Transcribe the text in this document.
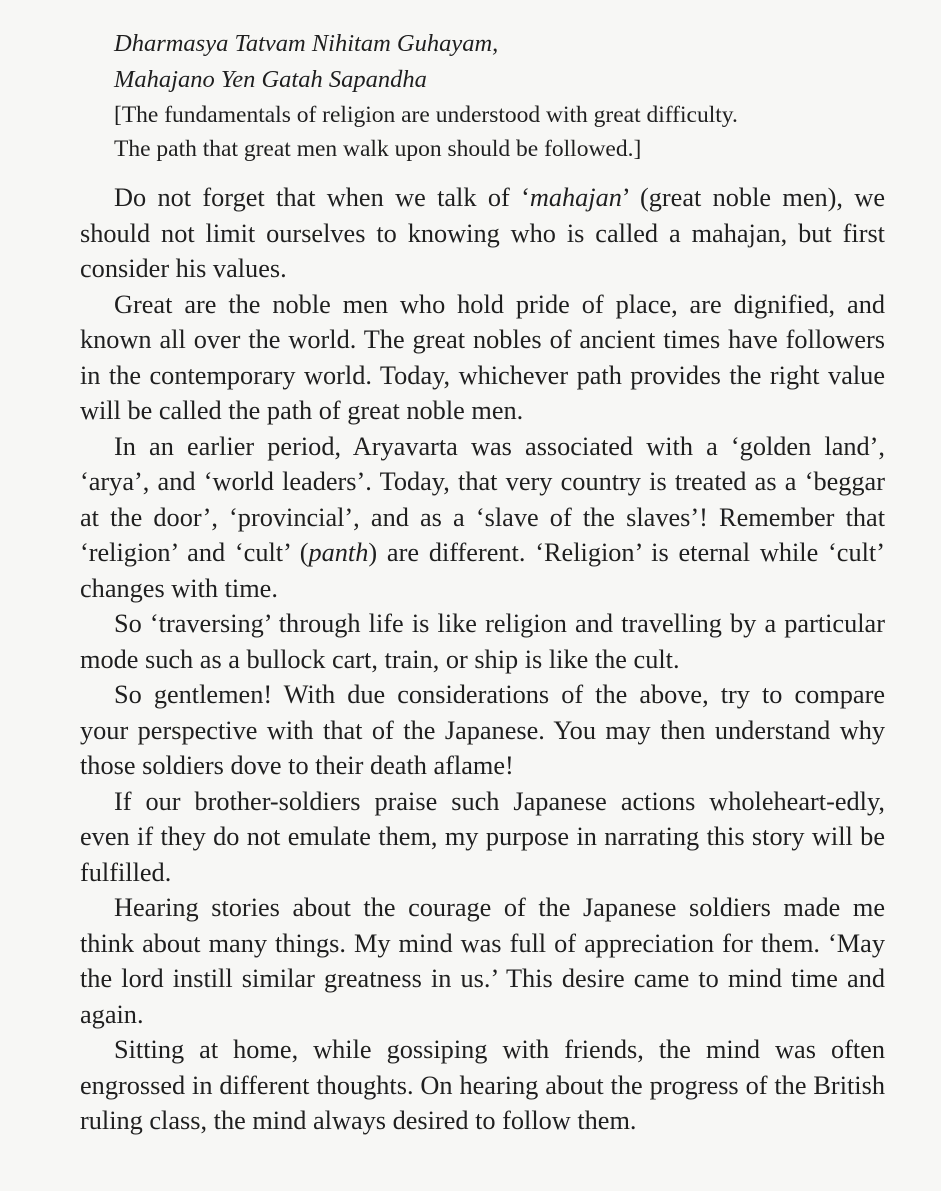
Dharmasya Tatvam Nihitam Guhayam,
Mahajano Yen Gatah Sapandha
[The fundamentals of religion are understood with great difficulty.
The path that great men walk upon should be followed.]

Do not forget that when we talk of ‘mahajan’ (great noble men), we should not limit ourselves to knowing who is called a mahajan, but first consider his values.

Great are the noble men who hold pride of place, are dignified, and known all over the world. The great nobles of ancient times have followers in the contemporary world. Today, whichever path provides the right value will be called the path of great noble men.

In an earlier period, Aryavarta was associated with a ‘golden land’, ‘arya’, and ‘world leaders’. Today, that very country is treated as a ‘beggar at the door’, ‘provincial’, and as a ‘slave of the slaves’! Remember that ‘religion’ and ‘cult’ (panth) are different. ‘Religion’ is eternal while ‘cult’ changes with time.

So ‘traversing’ through life is like religion and travelling by a particular mode such as a bullock cart, train, or ship is like the cult.

So gentlemen! With due considerations of the above, try to compare your perspective with that of the Japanese. You may then understand why those soldiers dove to their death aflame!

If our brother-soldiers praise such Japanese actions wholeheart-edly, even if they do not emulate them, my purpose in narrating this story will be fulfilled.

Hearing stories about the courage of the Japanese soldiers made me think about many things. My mind was full of appreciation for them. ‘May the lord instill similar greatness in us.’ This desire came to mind time and again.

Sitting at home, while gossiping with friends, the mind was often engrossed in different thoughts. On hearing about the progress of the British ruling class, the mind always desired to follow them.
